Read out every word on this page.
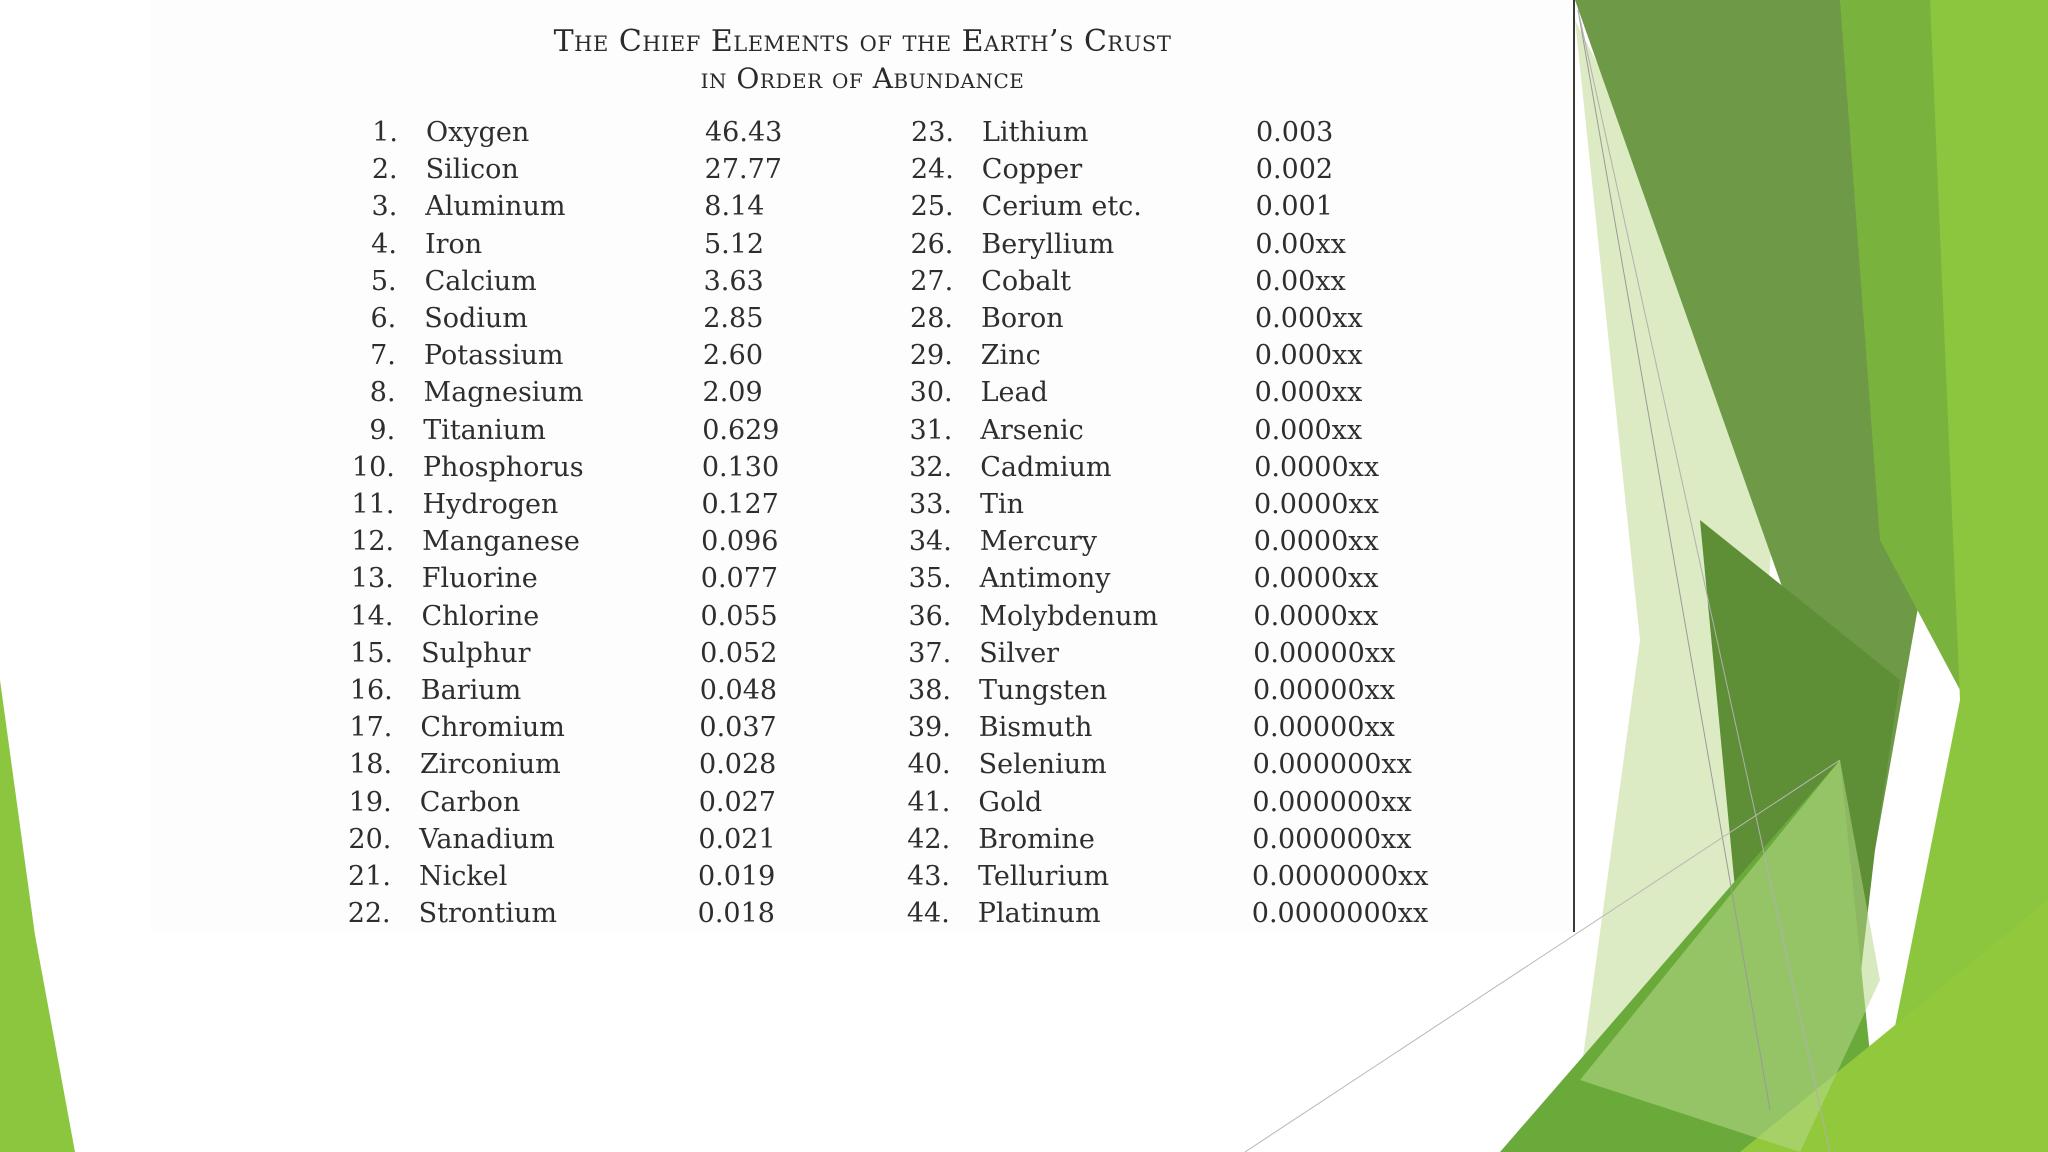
The Chief Elements of the Earth’s Crust
in Order of Abundance
1. Oxygen	46.43
2. Silicon	27.77
3. Aluminum	8.14
4. Iron	5.12
5. Calcium	3.63
6. Sodium	2.85
7. Potassium	2.60
8. Magnesium	2.09
9. Titanium	0.629
10. Phosphorus	0.130
11. Hydrogen	0.127
12. Manganese	0.096
13. Fluorine	0.077
14. Chlorine	0.055
15. Sulphur	0.052
16. Barium	0.048
17. Chromium	0.037
18. Zirconium	0.028
19. Carbon	0.027
20. Vanadium	0.021
21. Nickel	0.019
22. Strontium	0.018
23. Lithium	0.003
24. Copper	0.002
25. Cerium etc.	0.001
26. Beryllium	0.00xx
27. Cobalt	0.00xx
28. Boron	0.000xx
29. Zinc	0.000xx
30. Lead	0.000xx
31. Arsenic	0.000xx
32. Cadmium	0.0000xx
33. Tin	0.0000xx
34. Mercury	0.0000xx
35. Antimony	0.0000xx
36. Molybdenum	0.0000xx
37. Silver	0.00000xx
38. Tungsten	0.00000xx
39. Bismuth	0.00000xx
40. Selenium	0.000000xx
41. Gold	0.000000xx
42. Bromine	0.000000xx
43. Tellurium	0.0000000xx
44. Platinum	0.0000000xx
